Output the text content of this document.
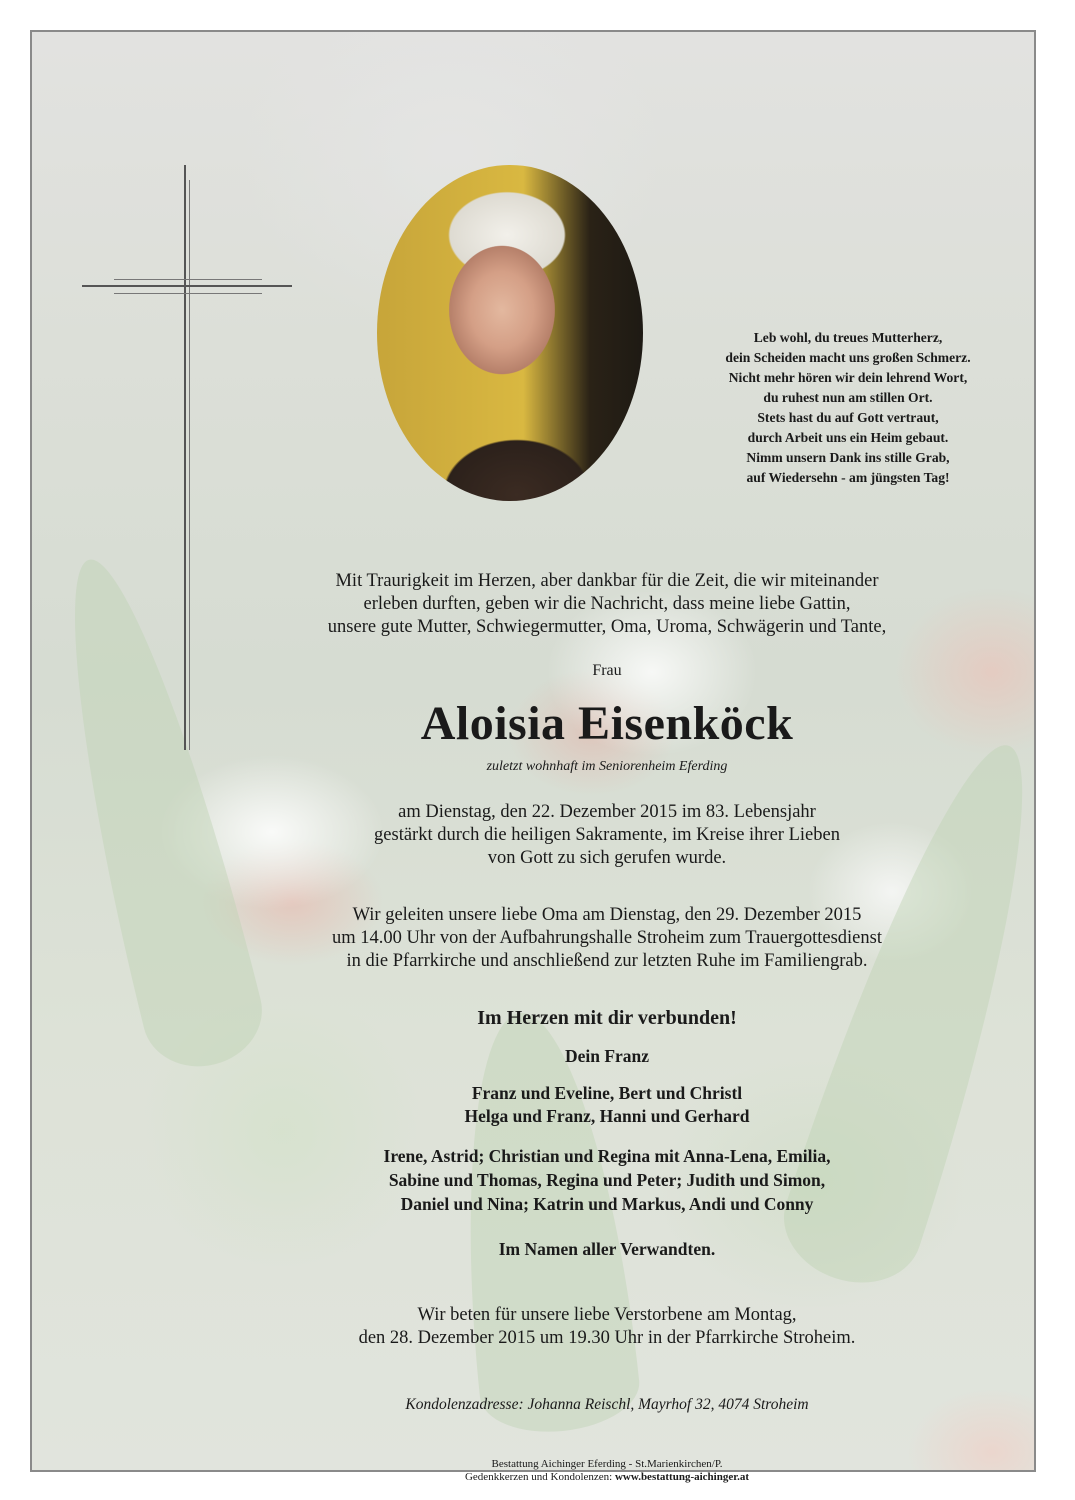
Leb wohl, du treues Mutterherz,
dein Scheiden macht uns großen Schmerz.
Nicht mehr hören wir dein lehrend Wort,
du ruhest nun am stillen Ort.
Stets hast du auf Gott vertraut,
durch Arbeit uns ein Heim gebaut.
Nimm unsern Dank ins stille Grab,
auf Wiedersehn - am jüngsten Tag!
Mit Traurigkeit im Herzen, aber dankbar für die Zeit, die wir miteinander
erleben durften, geben wir die Nachricht, dass meine liebe Gattin,
unsere gute Mutter, Schwiegermutter, Oma, Uroma, Schwägerin und Tante,
Frau
Aloisia Eisenköck
zuletzt wohnhaft im Seniorenheim Eferding
am Dienstag, den 22. Dezember 2015 im 83. Lebensjahr
gestärkt durch die heiligen Sakramente, im Kreise ihrer Lieben
von Gott zu sich gerufen wurde.
Wir geleiten unsere liebe Oma am Dienstag, den 29. Dezember 2015
um 14.00 Uhr von der Aufbahrungshalle Stroheim zum Trauergottesdienst
in die Pfarrkirche und anschließend zur letzten Ruhe im Familiengrab.
Im Herzen mit dir verbunden!
Dein Franz
Franz und Eveline, Bert und Christl
Helga und Franz, Hanni und Gerhard
Irene, Astrid; Christian und Regina mit Anna-Lena, Emilia,
Sabine und Thomas, Regina und Peter; Judith und Simon,
Daniel und Nina; Katrin und Markus, Andi und Conny
Im Namen aller Verwandten.
Wir beten für unsere liebe Verstorbene am Montag,
den 28. Dezember 2015 um 19.30 Uhr in der Pfarrkirche Stroheim.
Kondolenzadresse: Johanna Reischl, Mayrhof 32, 4074 Stroheim
Bestattung Aichinger Eferding - St.Marienkirchen/P.
Gedenkkerzen und Kondolenzen: www.bestattung-aichinger.at
